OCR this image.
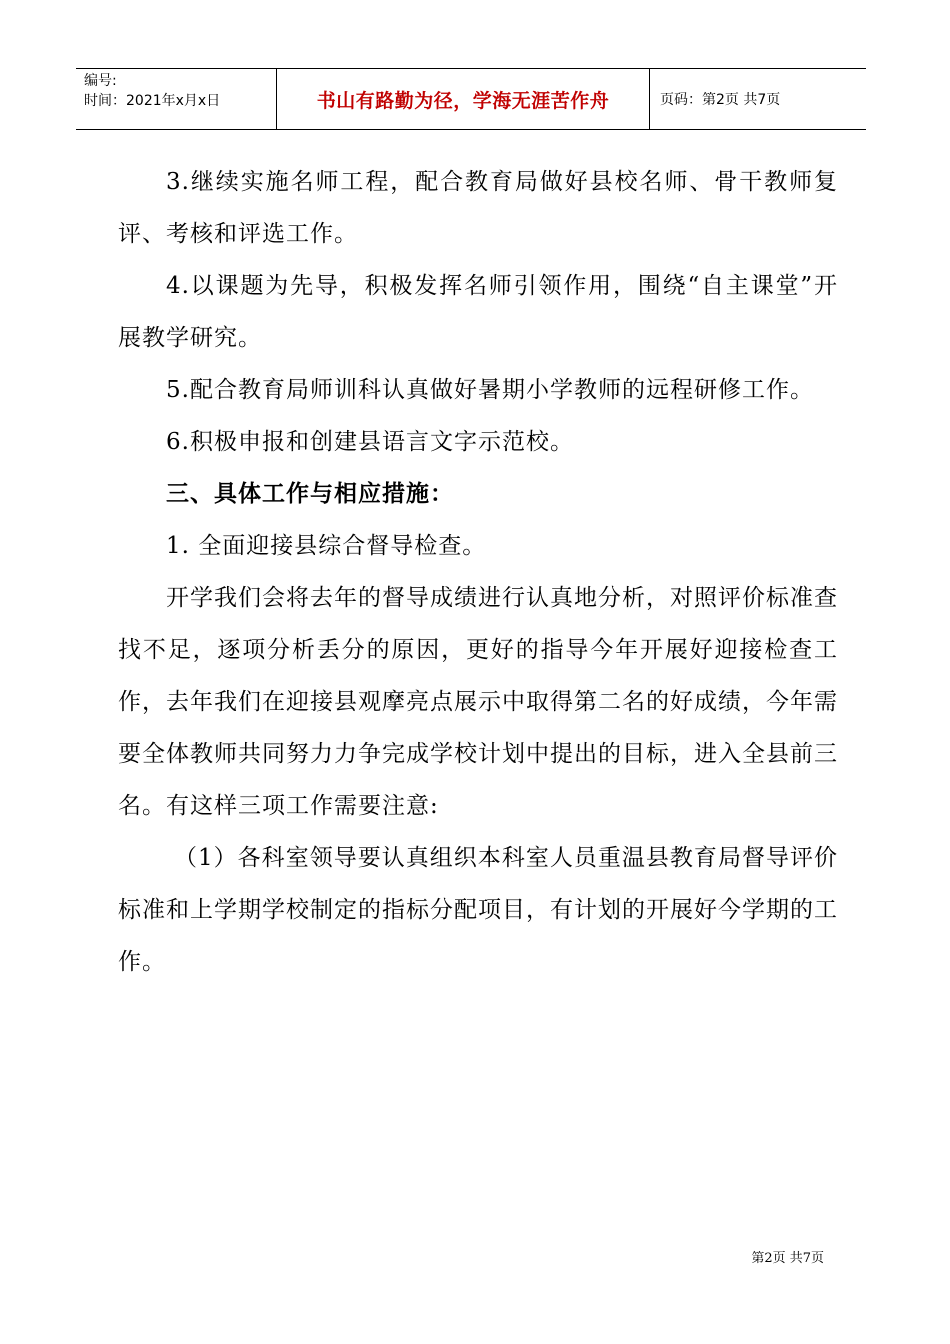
编号:
时间：2021年x月x日	书山有路勤为径，学海无涯苦作舟	页码：第2页 共7页

3.继续实施名师工程，配合教育局做好县校名师、骨干教师复评、考核和评选工作。

4.以课题为先导，积极发挥名师引领作用，围绕“自主课堂”开展教学研究。

5.配合教育局师训科认真做好暑期小学教师的远程研修工作。

6.积极申报和创建县语言文字示范校。

三、具体工作与相应措施：

1. 全面迎接县综合督导检查。

开学我们会将去年的督导成绩进行认真地分析，对照评价标准查找不足，逐项分析丢分的原因，更好的指导今年开展好迎接检查工作，去年我们在迎接县观摩亮点展示中取得第二名的好成绩，今年需要全体教师共同努力力争完成学校计划中提出的目标，进入全县前三名。有这样三项工作需要注意:

（1）各科室领导要认真组织本科室人员重温县教育局督导评价标准和上学期学校制定的指标分配项目，有计划的开展好今学期的工作。

第2页 共7页
